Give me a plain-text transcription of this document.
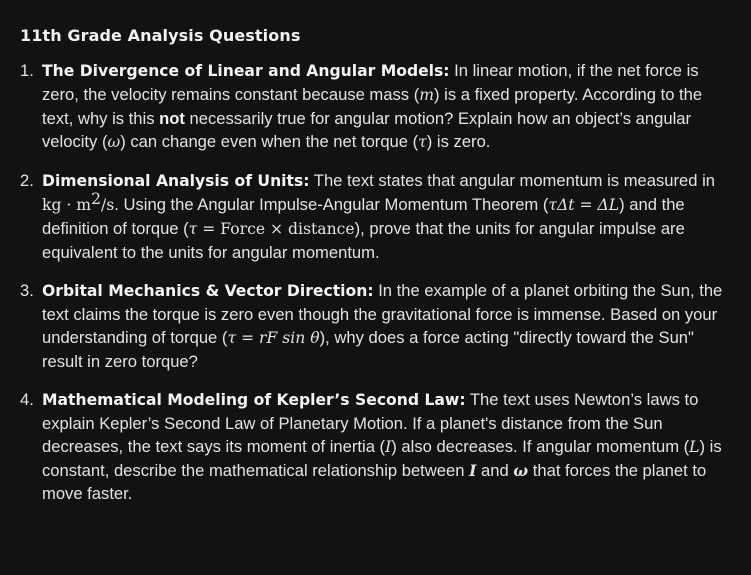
11th Grade Analysis Questions
1. The Divergence of Linear and Angular Models: In linear motion, if the net force is zero, the velocity remains constant because mass (m) is a fixed property. According to the text, why is this not necessarily true for angular motion? Explain how an object’s angular velocity (ω) can change even when the net torque (τ) is zero.
2. Dimensional Analysis of Units: The text states that angular momentum is measured in kg · $m^2/s$. Using the Angular Impulse-Angular Momentum Theorem (τΔt = ΔL) and the definition of torque (τ = Force × distance), prove that the units for angular impulse are equivalent to the units for angular momentum.
3. Orbital Mechanics & Vector Direction: In the example of a planet orbiting the Sun, the text claims the torque is zero even though the gravitational force is immense. Based on your understanding of torque (τ = rF sin θ), why does a force acting "directly toward the Sun" result in zero torque?
4. Mathematical Modeling of Kepler’s Second Law: The text uses Newton’s laws to explain Kepler’s Second Law of Planetary Motion. If a planet's distance from the Sun decreases, the text says its moment of inertia (I) also decreases. If angular momentum (L) is constant, describe the mathematical relationship between I and ω that forces the planet to move faster.
